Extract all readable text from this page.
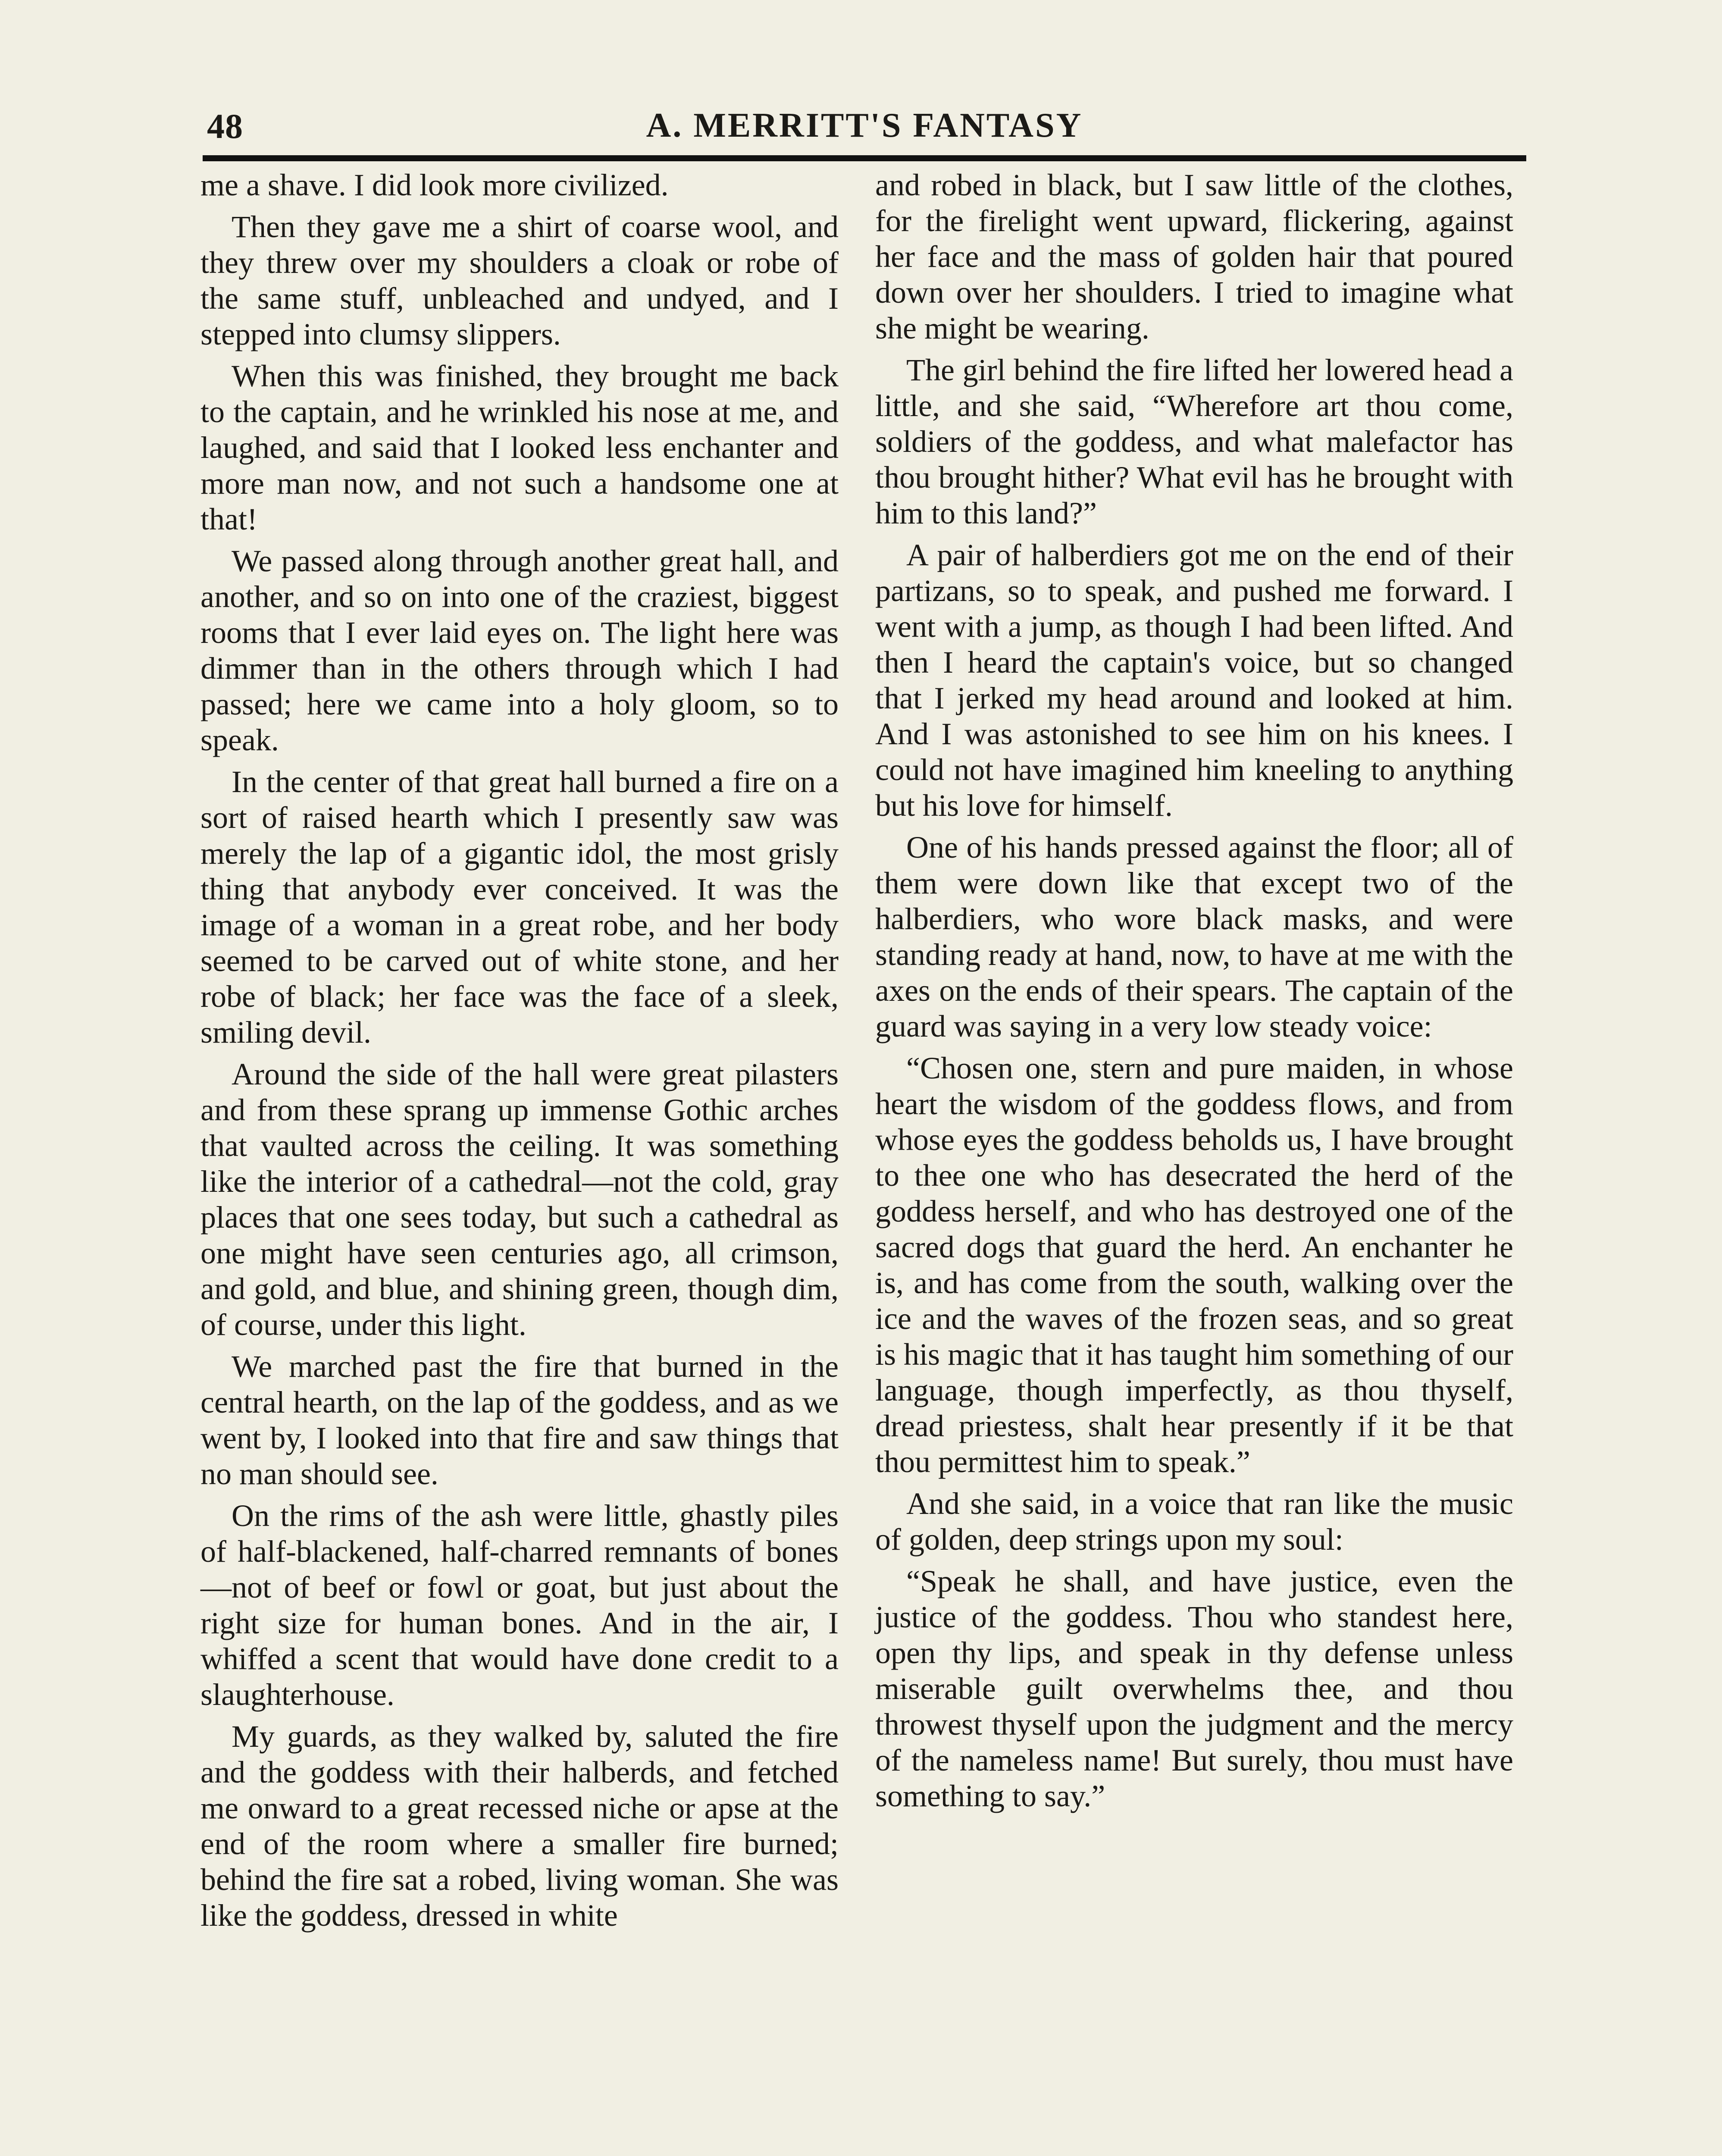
48	A. MERRITT'S FANTASY

me a shave. I did look more civilized.

Then they gave me a shirt of coarse wool, and they threw over my shoulders a cloak or robe of the same stuff, unbleached and undyed, and I stepped into clumsy slippers.

When this was finished, they brought me back to the captain, and he wrinkled his nose at me, and laughed, and said that I looked less enchanter and more man now, and not such a handsome one at that!

We passed along through another great hall, and another, and so on into one of the craziest, biggest rooms that I ever laid eyes on. The light here was dimmer than in the others through which I had passed; here we came into a holy gloom, so to speak.

In the center of that great hall burned a fire on a sort of raised hearth which I presently saw was merely the lap of a gigantic idol, the most grisly thing that anybody ever conceived. It was the image of a woman in a great robe, and her body seemed to be carved out of white stone, and her robe of black; her face was the face of a sleek, smiling devil.

Around the side of the hall were great pilasters and from these sprang up immense Gothic arches that vaulted across the ceiling. It was something like the interior of a cathedral—not the cold, gray places that one sees today, but such a cathedral as one might have seen centuries ago, all crimson, and gold, and blue, and shining green, though dim, of course, under this light.

We marched past the fire that burned in the central hearth, on the lap of the goddess, and as we went by, I looked into that fire and saw things that no man should see.

On the rims of the ash were little, ghastly piles of half-blackened, half-charred remnants of bones—not of beef or fowl or goat, but just about the right size for human bones. And in the air, I whiffed a scent that would have done credit to a slaughterhouse.

My guards, as they walked by, saluted the fire and the goddess with their halberds, and fetched me onward to a great recessed niche or apse at the end of the room where a smaller fire burned; behind the fire sat a robed, living woman. She was like the goddess, dressed in white

and robed in black, but I saw little of the clothes, for the firelight went upward, flickering, against her face and the mass of golden hair that poured down over her shoulders. I tried to imagine what she might be wearing.

The girl behind the fire lifted her lowered head a little, and she said, “Wherefore art thou come, soldiers of the goddess, and what malefactor has thou brought hither? What evil has he brought with him to this land?”

A pair of halberdiers got me on the end of their partizans, so to speak, and pushed me forward. I went with a jump, as though I had been lifted. And then I heard the captain's voice, but so changed that I jerked my head around and looked at him. And I was astonished to see him on his knees. I could not have imagined him kneeling to anything but his love for himself.

One of his hands pressed against the floor; all of them were down like that except two of the halberdiers, who wore black masks, and were standing ready at hand, now, to have at me with the axes on the ends of their spears. The captain of the guard was saying in a very low steady voice:

“Chosen one, stern and pure maiden, in whose heart the wisdom of the goddess flows, and from whose eyes the goddess beholds us, I have brought to thee one who has desecrated the herd of the goddess herself, and who has destroyed one of the sacred dogs that guard the herd. An enchanter he is, and has come from the south, walking over the ice and the waves of the frozen seas, and so great is his magic that it has taught him something of our language, though imperfectly, as thou thyself, dread priestess, shalt hear presently if it be that thou permittest him to speak.”

And she said, in a voice that ran like the music of golden, deep strings upon my soul:

“Speak he shall, and have justice, even the justice of the goddess. Thou who standest here, open thy lips, and speak in thy defense unless miserable guilt overwhelms thee, and thou throwest thyself upon the judgment and the mercy of the nameless name! But surely, thou must have something to say.”
